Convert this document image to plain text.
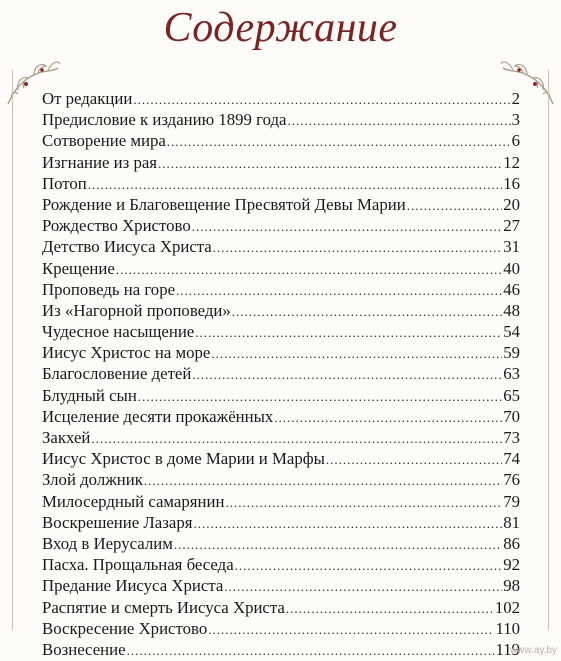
Содержание
От редакции .....	2
Предисловие к изданию 1899 года .....	3
Сотворение мира .....	6
Изгнание из рая .....	12
Потоп .....	16
Рождение и Благовещение Пресвятой Девы Марии .....	20
Рождество Христово .....	27
Детство Иисуса Христа .....	31
Крещение .....	40
Проповедь на горе .....	46
Из «Нагорной проповеди» .....	48
Чудесное насыщение .....	54
Иисус Христос на море .....	59
Благословение детей .....	63
Блудный сын .....	65
Исцеление десяти прокажённых .....	70
Закхей .....	73
Иисус Христос в доме Марии и Марфы .....	74
Злой должник .....	76
Милосердный самарянин .....	79
Воскрешение Лазаря .....	81
Вход в Иерусалим .....	86
Пасха. Прощальная беседа .....	92
Предание Иисуса Христа .....	98
Распятие и смерть Иисуса Христа .....	102
Воскресение Христово .....	110
Вознесение .....	119
www.ay.by
